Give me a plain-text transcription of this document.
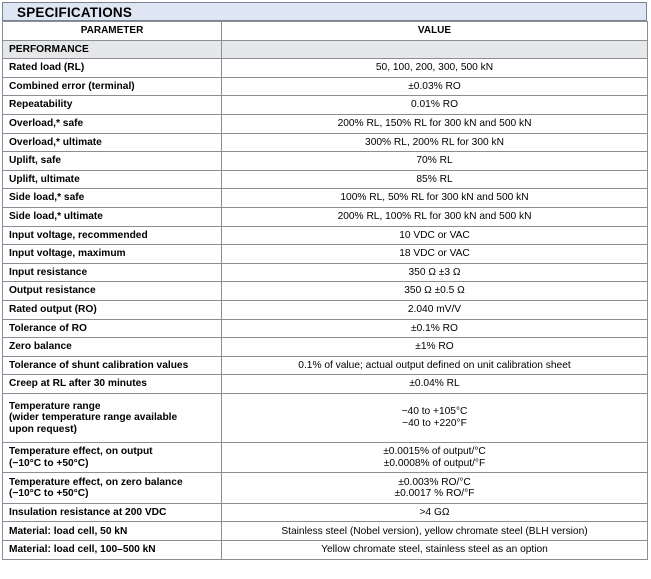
SPECIFICATIONS
PARAMETER	VALUE
PERFORMANCE	
Rated load (RL)	50, 100, 200, 300, 500 kN
Combined error (terminal)	±0.03% RO
Repeatability	0.01% RO
Overload,* safe	200% RL, 150% RL for 300 kN and 500 kN
Overload,* ultimate	300% RL, 200% RL for 300 kN
Uplift, safe	70% RL
Uplift, ultimate	85% RL
Side load,* safe	100% RL, 50% RL for 300 kN and 500 kN
Side load,* ultimate	200% RL, 100% RL for 300 kN and 500 kN
Input voltage, recommended	10 VDC or VAC
Input voltage, maximum	18 VDC or VAC
Input resistance	350 Ω ±3 Ω
Output resistance	350 Ω ±0.5 Ω
Rated output (RO)	2.040 mV/V
Tolerance of RO	±0.1% RO
Zero balance	±1% RO
Tolerance of shunt calibration values	0.1% of value; actual output defined on unit calibration sheet
Creep at RL after 30 minutes	±0.04% RL
Temperature range
(wider temperature range available
upon request)	−40 to +105°C
−40 to +220°F
Temperature effect, on output
(−10°C to +50°C)	±0.0015% of output/°C
±0.0008% of output/°F
Temperature effect, on zero balance
(−10°C to +50°C)	±0.003% RO/°C
±0.0017 % RO/°F
Insulation resistance at 200 VDC	>4 GΩ
Material: load cell, 50 kN	Stainless steel (Nobel version), yellow chromate steel (BLH version)
Material: load cell, 100–500 kN	Yellow chromate steel, stainless steel as an option
